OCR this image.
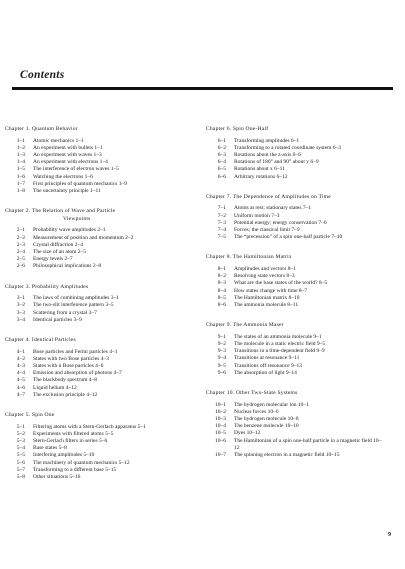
Contents
Chapter 1. Quantum Behavior
1–1	Atomic mechanics 1–1
1–2	An experiment with bullets 1–1
1–3	An experiment with waves 1–3
1–4	An experiment with electrons 1–4
1–5	The interference of electron waves 1–5
1–6	Watching the electrons 1–6
1–7	First principles of quantum mechanics 1–9
1–8	The uncertainty principle 1–11
Chapter 2. The Relation of Wave and Particle
Viewpoints
2–1	Probability wave amplitudes 2–1
2–2	Measurement of position and momentum 2–2
2–3	Crystal diffraction 2–4
2–4	The size of an atom 2–5
2–5	Energy levels 2–7
2–6	Philosophical implications 2–8
Chapter 3. Probability Amplitudes
3–1	The laws of combining amplitudes 3–1
3–2	The two-slit interference pattern 3–5
3–3	Scattering from a crystal 3–7
3–4	Identical particles 3–9
Chapter 4. Identical Particles
4–1	Bose particles and Fermi particles 4–1
4–2	States with two Bose particles 4–3
4–3	States with n Bose particles 4–6
4–4	Emission and absorption of photons 4–7
4–5	The blackbody spectrum 4–8
4–6	Liquid helium 4–12
4–7	The exclusion principle 4–12
Chapter 5. Spin One
5–1	Filtering atoms with a Stern-Gerlach apparatus 5–1
5–2	Experiments with filtered atoms 5–5
5–3	Stern-Gerlach filters in series 5–6
5–4	Base states 5–8
5–5	Interfering amplitudes 5–10
5–6	The machinery of quantum mechanics 5–12
5–7	Transforming to a different base 5–15
5–8	Other situations 5–16
Chapter 6. Spin One-Half
6–1	Transforming amplitudes 6–1
6–2	Transforming to a rotated coordinate system 6–3
6–3	Rotations about the z-axis 6–6
6–4	Rotations of 180° and 90° about y 6–9
6–5	Rotations about x 6–11
6–6	Arbitrary rotations 6–12
Chapter 7. The Dependence of Amplitudes on Time
7–1	Atoms at rest; stationary states 7–1
7–2	Uniform motion 7–3
7–3	Potential energy; energy conservation 7–6
7–4	Forces; the classical limit 7–9
7–5	The “precession” of a spin one-half particle 7–10
Chapter 8. The Hamiltonian Matrix
8–1	Amplitudes and vectors 8–1
8–2	Resolving state vectors 8–3
8–3	What are the base states of the world? 8–5
8–4	How states change with time 8–7
8–5	The Hamiltonian matrix 8–10
8–6	The ammonia molecule 8–11
Chapter 9. The Ammonia Maser
9–1	The states of an ammonia molecule 9–1
9–2	The molecule in a static electric field 9–5
9–3	Transitions in a time-dependent field 9–9
9–4	Transitions at resonance 9–11
9–5	Transitions off resonance 9–13
9–6	The absorption of light 9–14
Chapter 10. Other Two-State Systems
10–1	The hydrogen molecular ion 10–1
10–2	Nuclear forces 10–6
10–3	The hydrogen molecule 10–8
10–4	The benzene molecule 10–10
10–5	Dyes 10–12
10–6	The Hamiltonian of a spin one-half particle in a magnetic field 10–12
10–7	The spinning electron in a magnetic field 10–15
9
